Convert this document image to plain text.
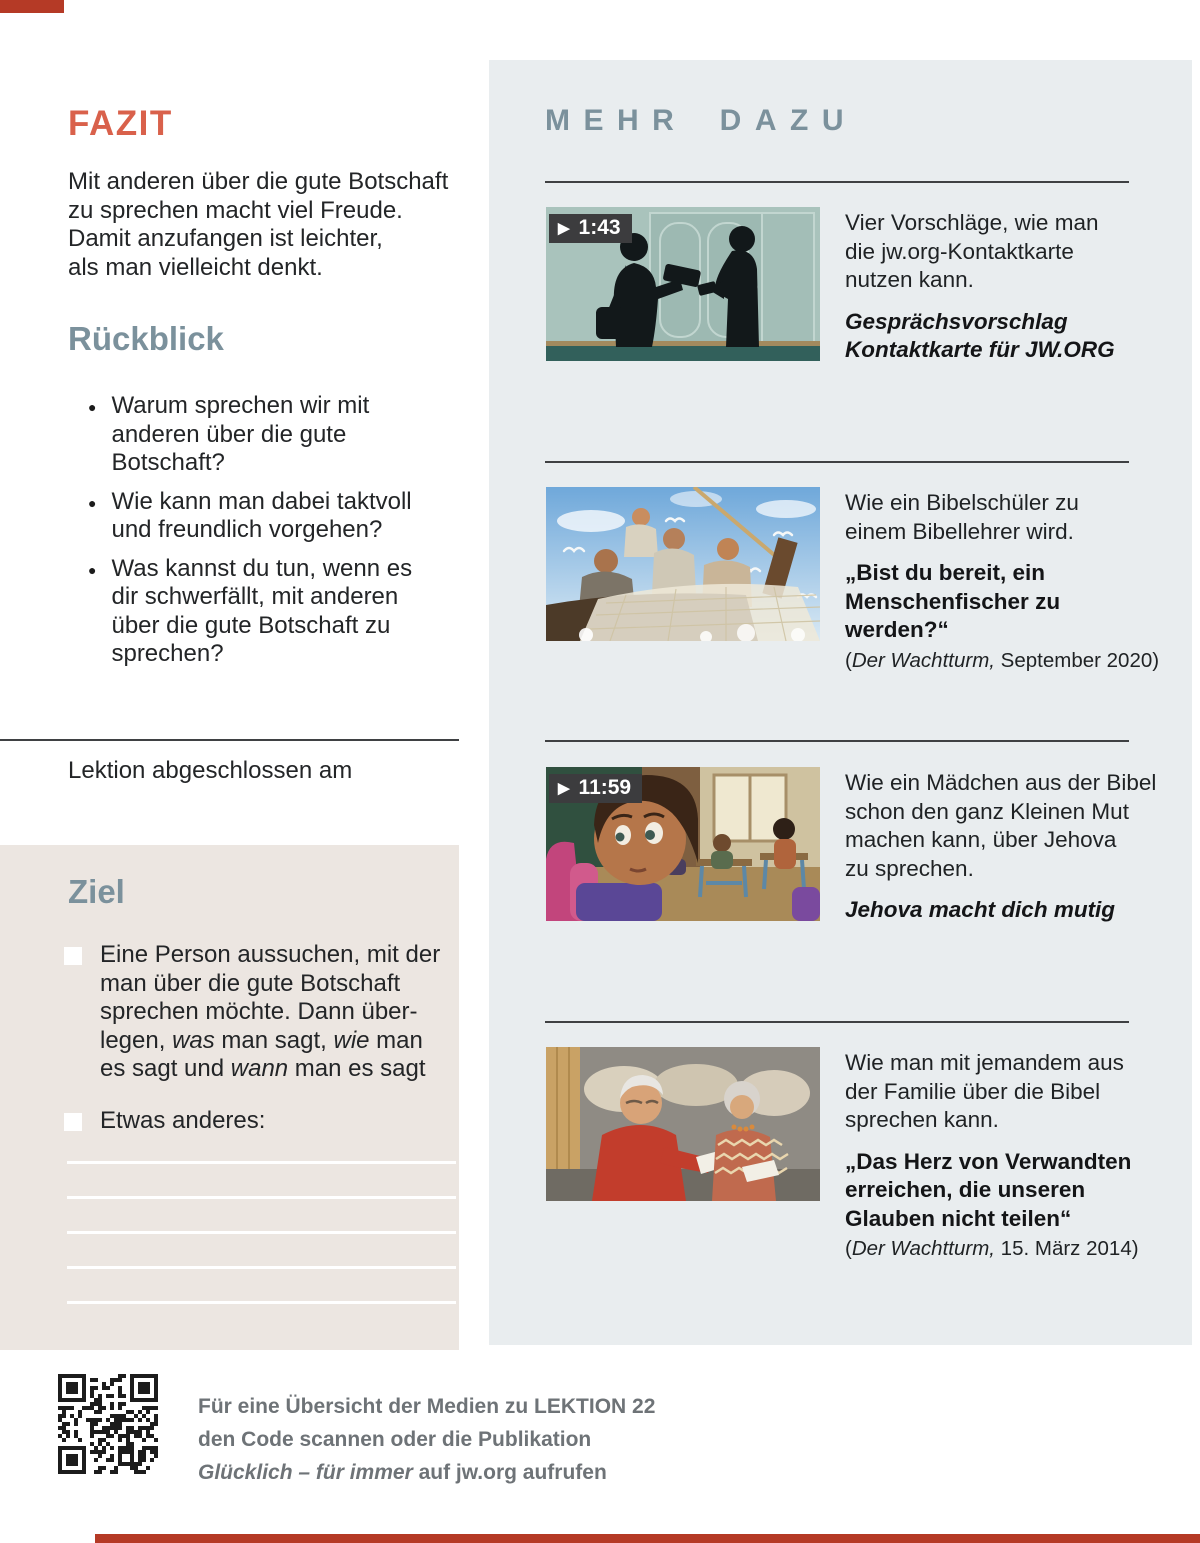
FAZIT

Mit anderen über die gute Botschaft
zu sprechen macht viel Freude.
Damit anzufangen ist leichter,
als man vielleicht denkt.

Rückblick
● Warum sprechen wir mit
anderen über die gute
Botschaft?
● Wie kann man dabei taktvoll
und freundlich vorgehen?
● Was kannst du tun, wenn es
dir schwerfällt, mit anderen
über die gute Botschaft zu
sprechen?

Lektion abgeschlossen am

Ziel

Eine Person aussuchen, mit der
man über die gute Botschaft
sprechen möchte. Dann über-
legen, was man sagt, wie man
es sagt und wann man es sagt

Etwas anderes:

Für eine Übersicht der Medien zu LEKTION 22

den Code scannen oder die Publikation

Glücklich – für immer auf jw.org aufrufen

MEHR DAZU
▶ 1:43	Vier Vorschläge, wie man
die jw.org-Kontaktkarte
nutzen kann.

Gesprächsvorschlag
Kontaktkarte für JW.ORG

Wie ein Bibelschüler zu
einem Bibellehrer wird.

„Bist du bereit, ein
Menschenfischer zu werden?“

(Der Wachtturm, September 2020)

▶ 11:59	Wie ein Mädchen aus der Bibel
schon den ganz Kleinen Mut
machen kann, über Jehova
zu sprechen.

Jehova macht dich mutig

Wie man mit jemandem aus
der Familie über die Bibel
sprechen kann.

„Das Herz von Verwandten
erreichen, die unseren
Glauben nicht teilen“

(Der Wachtturm, 15. März 2014)
